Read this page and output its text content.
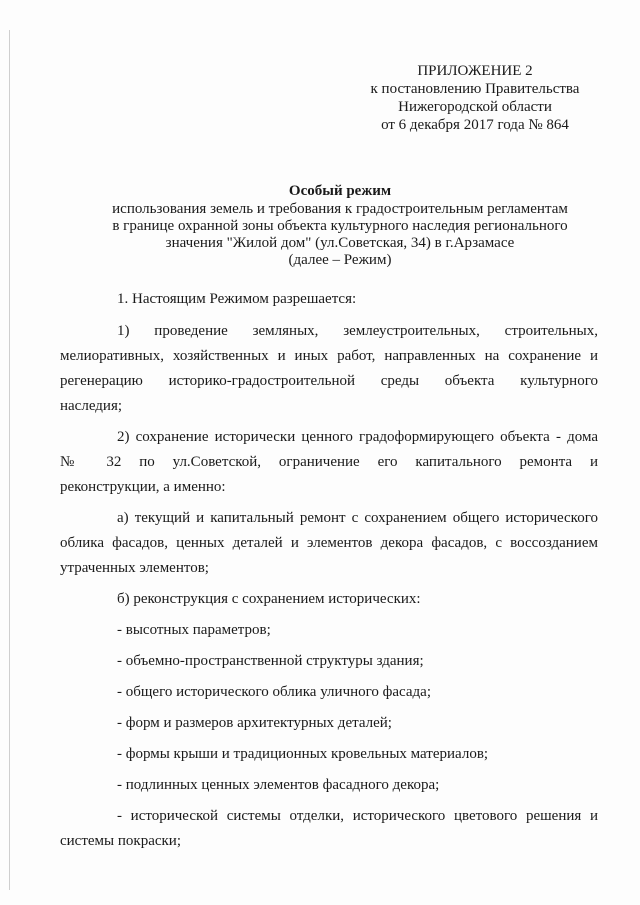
ПРИЛОЖЕНИЕ 2
к постановлению Правительства
Нижегородской области
от 6 декабря 2017 года № 864
Особый режим
использования земель и требования к градостроительным регламентам
в границе охранной зоны объекта культурного наследия регионального
значения "Жилой дом" (ул.Советская, 34) в г.Арзамасе
(далее – Режим)
1. Настоящим Режимом разрешается:
1) проведение земляных, землеустроительных, строительных,
мелиоративных, хозяйственных и иных работ, направленных на сохранение и
регенерацию историко-градостроительной среды объекта культурного
наследия;
2) сохранение исторически ценного градоформирующего объекта - дома
№ 32 по ул.Советской, ограничение его капитального ремонта и
реконструкции, а именно:
а) текущий и капитальный ремонт с сохранением общего исторического
облика фасадов, ценных деталей и элементов декора фасадов, с воссозданием
утраченных элементов;
б) реконструкция с сохранением исторических:
- высотных параметров;
- объемно-пространственной структуры здания;
- общего исторического облика уличного фасада;
- форм и размеров архитектурных деталей;
- формы крыши и традиционных кровельных материалов;
- подлинных ценных элементов фасадного декора;
- исторической системы отделки, исторического цветового решения и
системы покраски;
